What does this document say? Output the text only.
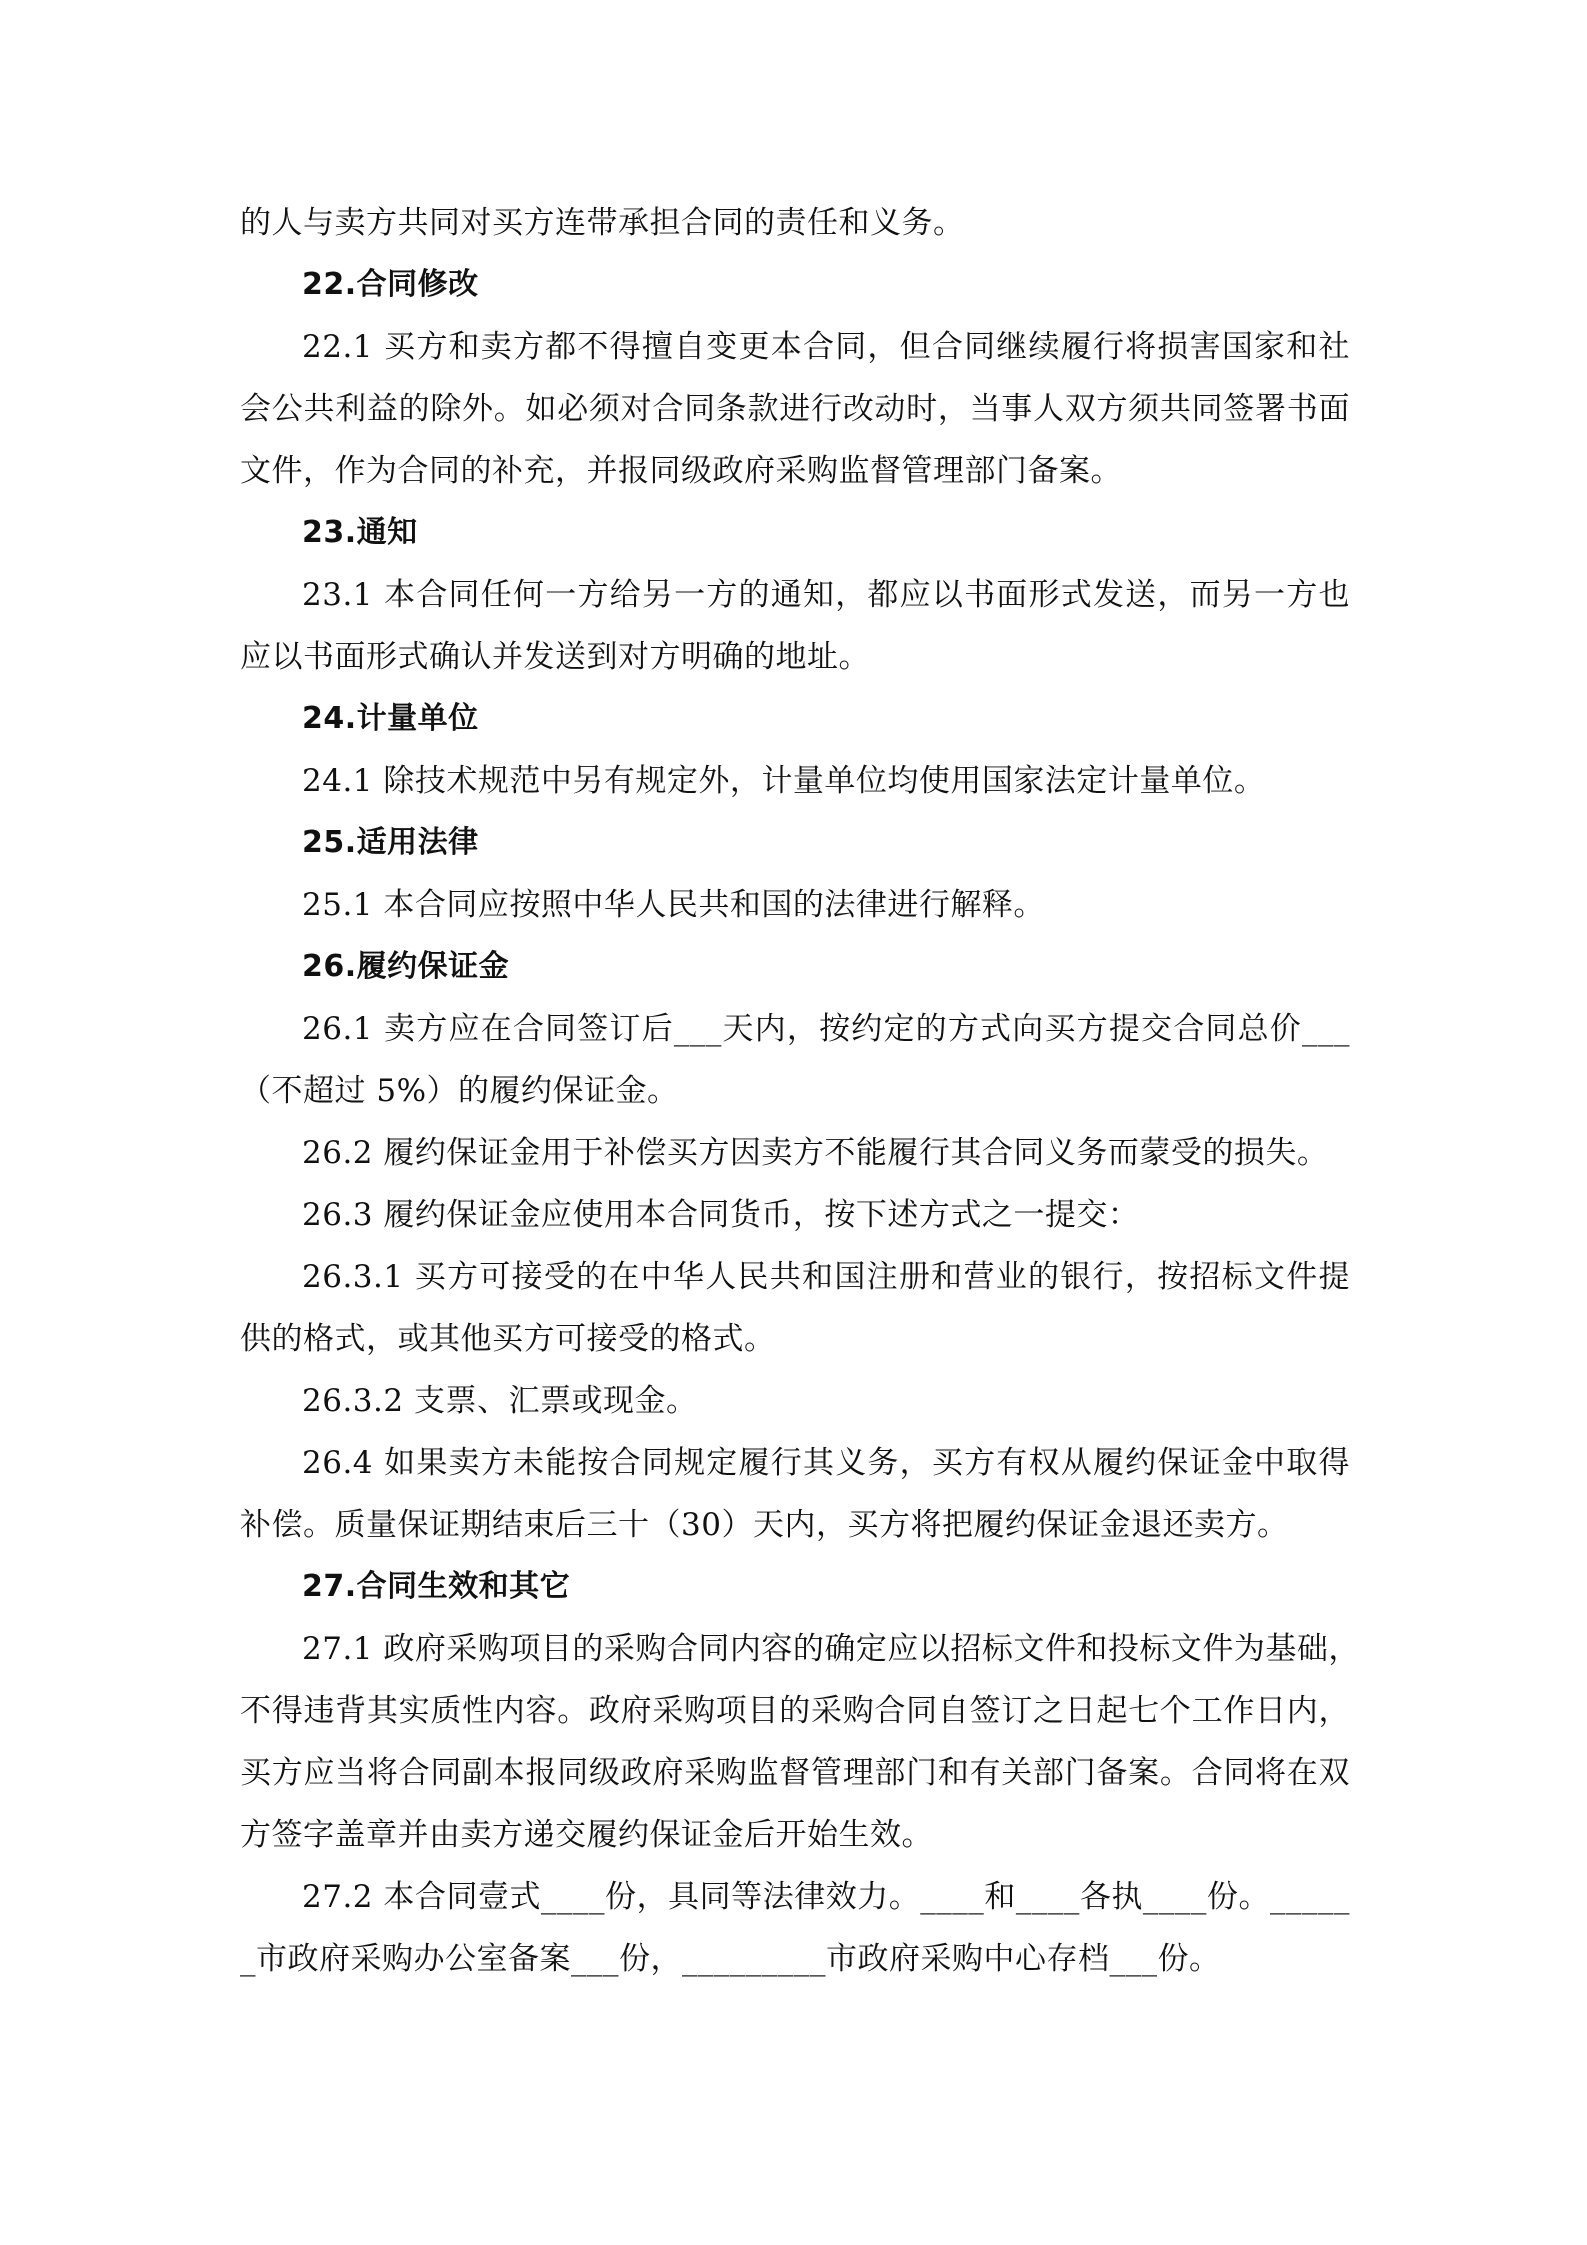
的人与卖方共同对买方连带承担合同的责任和义务。

22.合同修改

22.1 买方和卖方都不得擅自变更本合同，但合同继续履行将损害国家和社

会公共利益的除外。如必须对合同条款进行改动时，当事人双方须共同签署书面

文件，作为合同的补充，并报同级政府采购监督管理部门备案。

23.通知

23.1 本合同任何一方给另一方的通知，都应以书面形式发送，而另一方也

应以书面形式确认并发送到对方明确的地址。

24.计量单位

24.1 除技术规范中另有规定外，计量单位均使用国家法定计量单位。

25.适用法律

25.1 本合同应按照中华人民共和国的法律进行解释。

26.履约保证金

26.1 卖方应在合同签订后___天内，按约定的方式向买方提交合同总价___

（不超过 5%）的履约保证金。

26.2 履约保证金用于补偿买方因卖方不能履行其合同义务而蒙受的损失。

26.3 履约保证金应使用本合同货币，按下述方式之一提交：

26.3.1 买方可接受的在中华人民共和国注册和营业的银行，按招标文件提

供的格式，或其他买方可接受的格式。

26.3.2 支票、汇票或现金。

26.4 如果卖方未能按合同规定履行其义务，买方有权从履约保证金中取得

补偿。质量保证期结束后三十（30）天内，买方将把履约保证金退还卖方。

27.合同生效和其它

27.1 政府采购项目的采购合同内容的确定应以招标文件和投标文件为基础，

不得违背其实质性内容。政府采购项目的采购合同自签订之日起七个工作日内，

买方应当将合同副本报同级政府采购监督管理部门和有关部门备案。合同将在双

方签字盖章并由卖方递交履约保证金后开始生效。

27.2 本合同壹式____份，具同等法律效力。____和____各执____份。_____

_市政府采购办公室备案___份，_________市政府采购中心存档___份。
